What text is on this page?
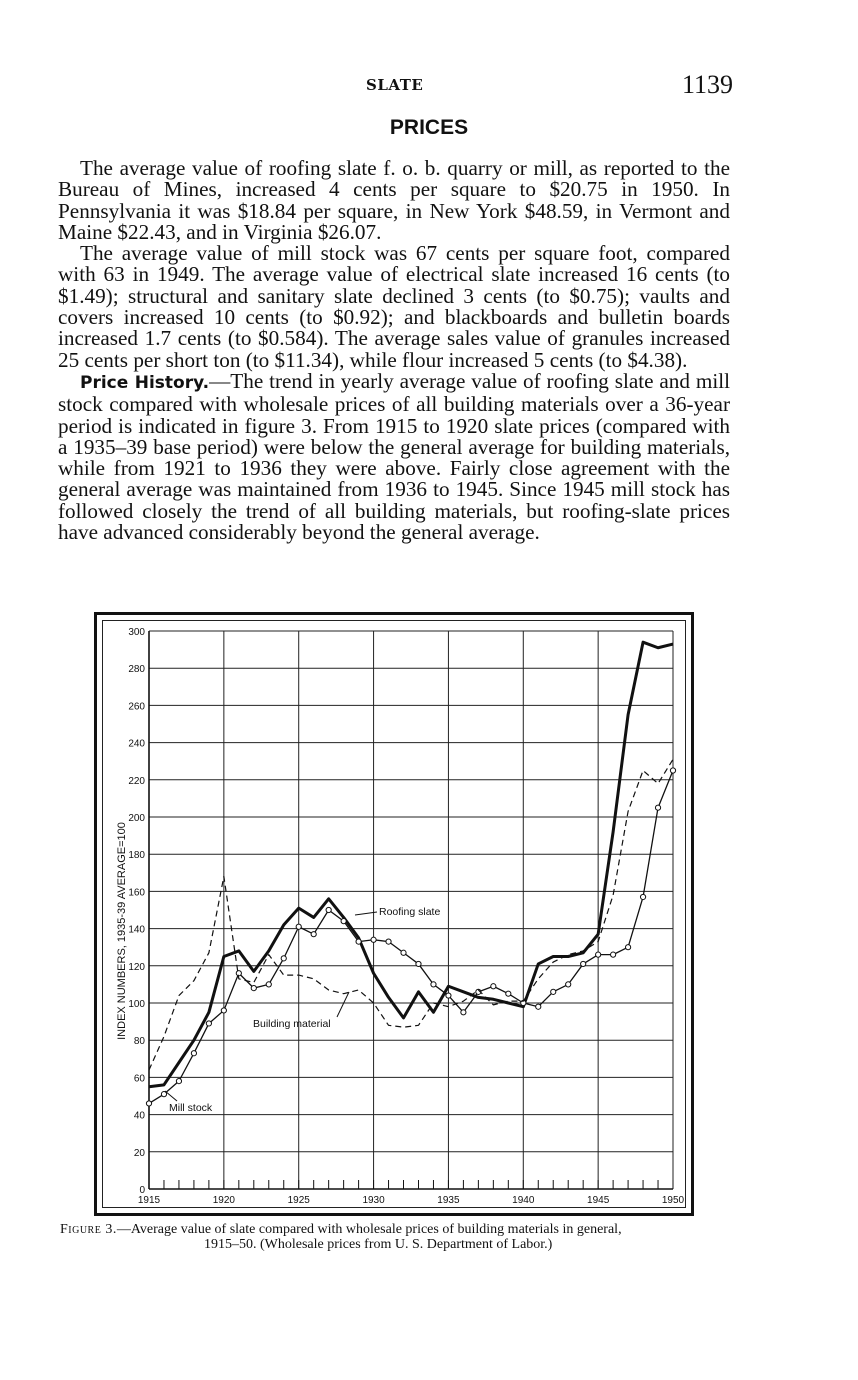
SLATE	1139
PRICES

The average value of roofing slate f. o. b. quarry or mill, as reported to the Bureau of Mines, increased 4 cents per square to $20.75 in 1950. In Pennsylvania it was $18.84 per square, in New York $48.59, in Vermont and Maine $22.43, and in Virginia $26.07.

The average value of mill stock was 67 cents per square foot, compared with 63 in 1949. The average value of electrical slate increased 16 cents (to $1.49); structural and sanitary slate declined 3 cents (to $0.75); vaults and covers increased 10 cents (to $0.92); and blackboards and bulletin boards increased 1.7 cents (to $0.584). The average sales value of granules increased 25 cents per short ton (to $11.34), while flour increased 5 cents (to $4.38).

Price History.—The trend in yearly average value of roofing slate and mill stock compared with wholesale prices of all building materials over a 36-year period is indicated in figure 3. From 1915 to 1920 slate prices (compared with a 1935–39 base period) were below the general average for building materials, while from 1921 to 1936 they were above. Fairly close agreement with the general average was maintained from 1936 to 1945. Since 1945 mill stock has followed closely the trend of all building materials, but roofing-slate prices have advanced considerably beyond the general average.

0
20
40
60
80
100
120
140
160
180
200
220
240
260
280
300
1915	1920	1925	1930	1935	1940	1945	1950
INDEX NUMBERS, 1935-39 AVERAGE=100	Roofing slate
Building material
Mill stock
Figure 3.—Average value of slate compared with wholesale prices of building materials in general,
1915–50. (Wholesale prices from U. S. Department of Labor.)
